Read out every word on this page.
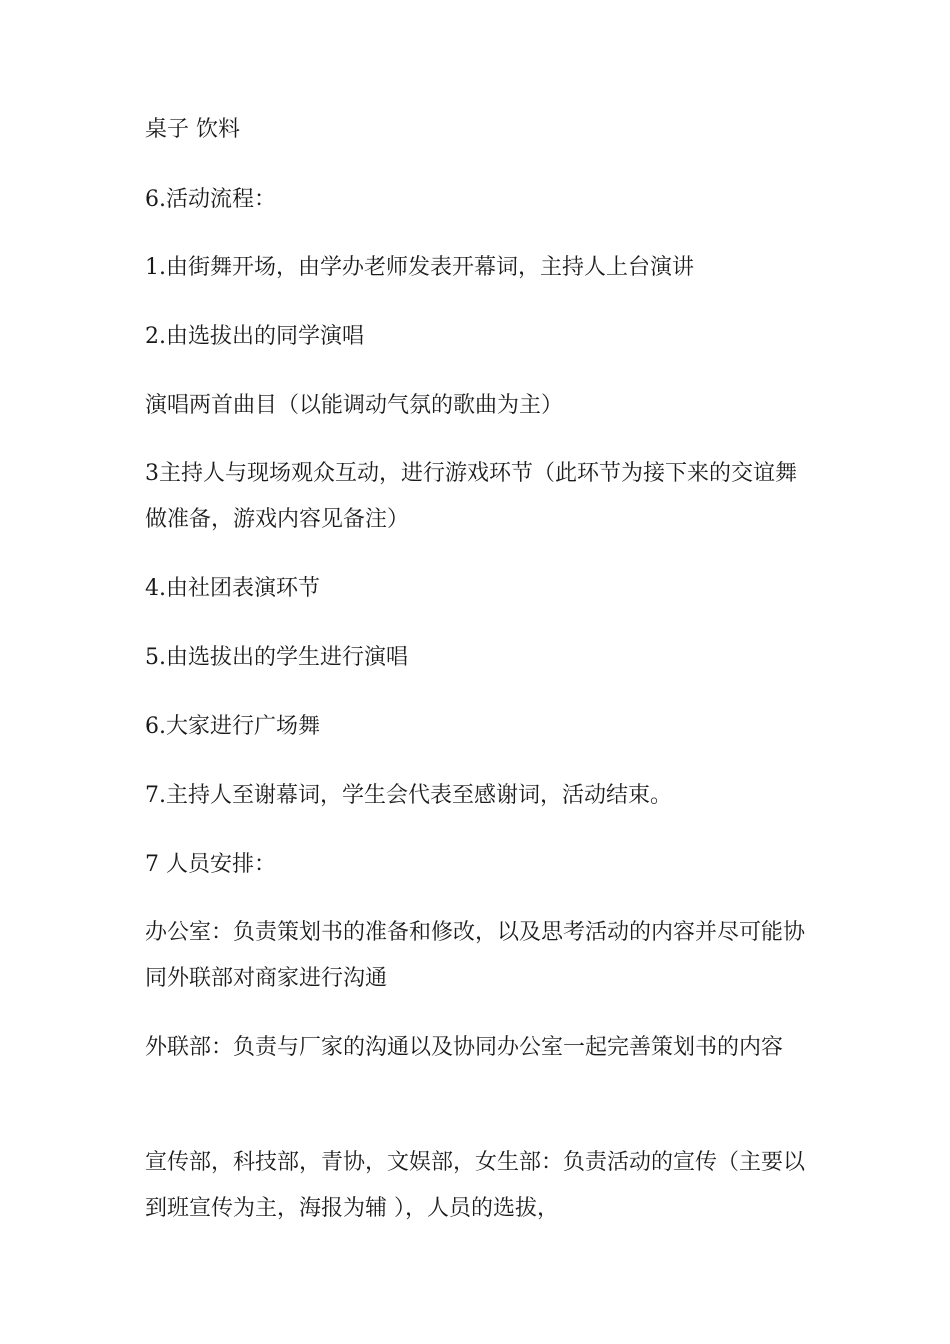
桌子 饮料
6.活动流程：
1.由街舞开场，由学办老师发表开幕词，主持人上台演讲
2.由选拔出的同学演唱
演唱两首曲目（以能调动气氛的歌曲为主）
3主持人与现场观众互动，进行游戏环节（此环节为接下来的交谊舞做准备，游戏内容见备注）
4.由社团表演环节
5.由选拔出的学生进行演唱
6.大家进行广场舞
7.主持人至谢幕词，学生会代表至感谢词，活动结束。
7 人员安排：
办公室：负责策划书的准备和修改，以及思考活动的内容并尽可能协同外联部对商家进行沟通
外联部：负责与厂家的沟通以及协同办公室一起完善策划书的内容
宣传部，科技部，青协，文娱部，女生部：负责活动的宣传（主要以到班宣传为主，海报为辅 ），人员的选拔，
